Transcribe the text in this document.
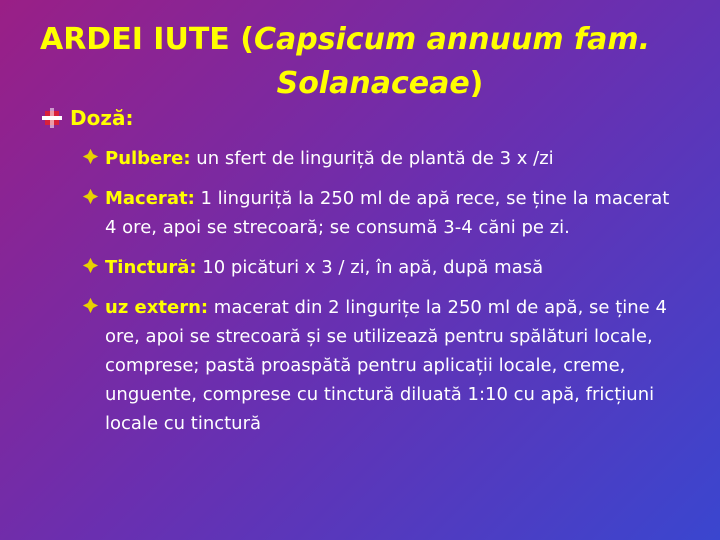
ARDEI IUTE (Capsicum annuum fam.
Solanaceae)
Doză:
Pulbere: un sfert de linguriță de plantă de 3 x /zi
Macerat: 1 linguriță la 250 ml de apă rece, se ține la macerat 4 ore, apoi se strecoară; se consumă 3-4 căni pe zi.
Tinctură: 10 picături x 3 / zi, în apă, după masă
uz extern: macerat din 2 lingurițe la 250 ml de apă, se ține 4 ore, apoi se strecoară și se utilizează pentru spălături locale, comprese; pastă proaspătă pentru aplicații locale, creme, unguente, comprese cu tinctură diluată 1:10 cu apă, fricțiuni locale cu tinctură
